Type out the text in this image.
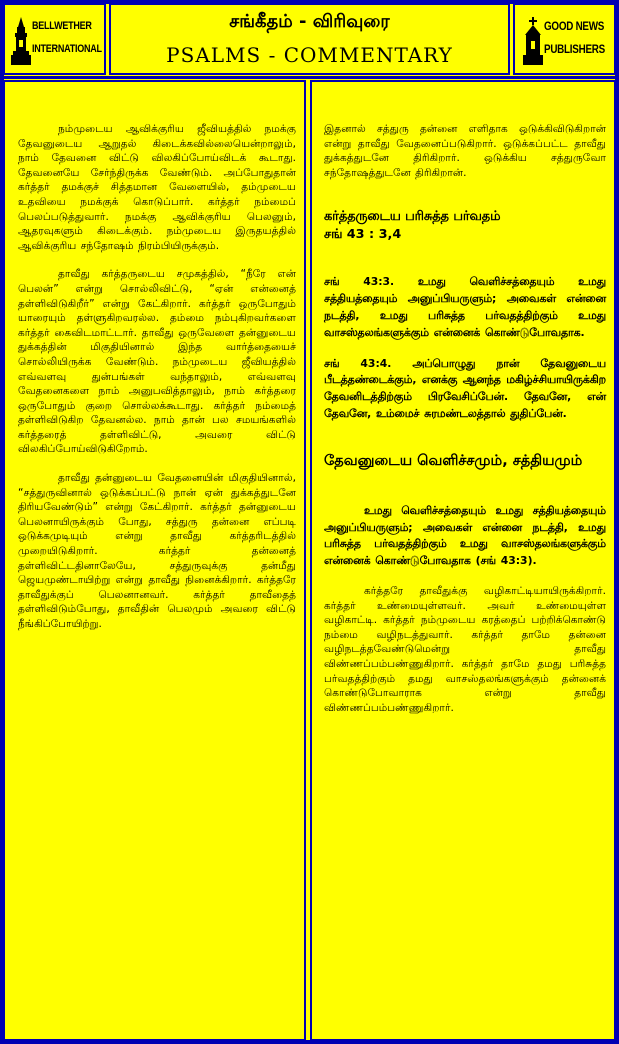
BELLWETHER
INTERNATIONAL
சங்கீதம் - விரிவுரை
PSALMS - COMMENTARY
GOOD NEWS
PUBLISHERS

நம்முடைய ஆவிக்குரிய ஜீவியத்தில் நமக்கு தேவனுடைய ஆறுதல் கிடைக்கவில்லையென்றாலும், நாம் தேவனை விட்டு விலகிப்போய்விடக் கூடாது. தேவனையே சேர்ந்திருக்க வேண்டும். அப்போதுதான் கர்த்தர் தமக்குச் சித்தமான வேளையில், தம்முடைய உதவியை நமக்குக் கொடுப்பார். கர்த்தர் நம்மைப் பெலப்படுத்துவார். நமக்கு ஆவிக்குரிய பெலனும், ஆதரவுகளும் கிடைக்கும். நம்முடைய இருதயத்தில் ஆவிக்குரிய சந்தோஷம் நிரம்பியிருக்கும்.

தாவீது கர்த்தருடைய சமுகத்தில், “நீரே என் பெலன்” என்று சொல்லிவிட்டு, “ஏன் என்னைத் தள்ளிவிடுகிறீர்” என்று கேட்கிறார். கர்த்தர் ஒருபோதும் யாரையும் தள்ளுகிறவரல்ல. தம்மை நம்புகிறவர்களை கர்த்தர் கைவிடமாட்டார். தாவீது ஒருவேளை தன்னுடைய துக்கத்தின் மிகுதியினால் இந்த வார்த்தையைச் சொல்லியிருக்க வேண்டும். நம்முடைய ஜீவியத்தில் எவ்வளவு துன்பங்கள் வந்தாலும், எவ்வளவு வேதனைகளை நாம் அனுபவித்தாலும், நாம் கர்த்தரை ஒருபோதும் குறை சொல்லக்கூடாது. கர்த்தர் நம்மைத் தள்ளிவிடுகிற தேவனல்ல. நாம் தான் பல சமயங்களில் கர்த்தரைத் தள்ளிவிட்டு, அவரை விட்டு விலகிப்போய்விடுகிறோம்.

தாவீது தன்னுடைய வேதனையின் மிகுதியினால், “சத்துருவினால் ஒடுக்கப்பட்டு நான் ஏன் துக்கத்துடனே திரியவேண்டும்” என்று கேட்கிறார். கர்த்தர் தன்னுடைய பெலனாயிருக்கும் போது, சத்துரு தன்னை எப்படி ஒடுக்கமுடியும் என்று தாவீது கர்த்தரிடத்தில் முறையிடுகிறார். கர்த்தர் தன்னைத் தள்ளிவிட்டதினாலேயே, சத்துருவுக்கு தன்மீது ஜெயமுண்டாயிற்று என்று தாவீது நினைக்கிறார். கர்த்தரே தாவீதுக்குப் பெலனானவர். கர்த்தர் தாவீதைத் தள்ளிவிடும்போது, தாவீதின் பெலமும் அவரை விட்டு நீங்கிப்போயிற்று.

இதனால் சத்துரு தன்னை எளிதாக ஒடுக்கிவிடுகிறான் என்று தாவீது வேதனைப்படுகிறார். ஒடுக்கப்பட்ட தாவீது துக்கத்துடனே திரிகிறார். ஒடுக்கிய சத்துருவோ சந்தோஷத்துடனே திரிகிறான்.

கர்த்தருடைய பரிசுத்த பர்வதம்

சங் 43 : 3,4

சங் 43:3. உமது வெளிச்சத்தையும் உமது சத்தியத்தையும் அனுப்பியருளும்; அவைகள் என்னை நடத்தி, உமது பரிசுத்த பர்வதத்திற்கும் உமது வாசஸ்தலங்களுக்கும் என்னைக் கொண்டுபோவதாக.

சங் 43:4. அப்பொழுது நான் தேவனுடைய பீடத்தண்டைக்கும், எனக்கு ஆனந்த மகிழ்ச்சியாயிருக்கிற தேவனிடத்திற்கும் பிரவேசிப்பேன். தேவனே, என் தேவனே, உம்மைச் சுரமண்டலத்தால் துதிப்பேன்.

தேவனுடைய வெளிச்சமும், சத்தியமும்

உமது வெளிச்சத்தையும் உமது சத்தியத்தையும் அனுப்பியருளும்; அவைகள் என்னை நடத்தி, உமது பரிசுத்த பர்வதத்திற்கும் உமது வாசஸ்தலங்களுக்கும் என்னைக் கொண்டுபோவதாக (சங் 43:3).

கர்த்தரே தாவீதுக்கு வழிகாட்டியாயிருக்கிறார். கர்த்தர் உண்மையுள்ளவர். அவர் உண்மையுள்ள வழிகாட்டி. கர்த்தர் நம்முடைய கரத்தைப் பற்றிக்கொண்டு நம்மை வழிநடத்துவார். கர்த்தர் தாமே தன்னை வழிநடத்தவேண்டுமென்று தாவீது விண்ணப்பம்பண்ணுகிறார். கர்த்தர் தாமே தமது பரிசுத்த பர்வதத்திற்கும் தமது வாசஸ்தலங்களுக்கும் தன்னைக் கொண்டுபோவாராக என்று தாவீது விண்ணப்பம்பண்ணுகிறார்.
